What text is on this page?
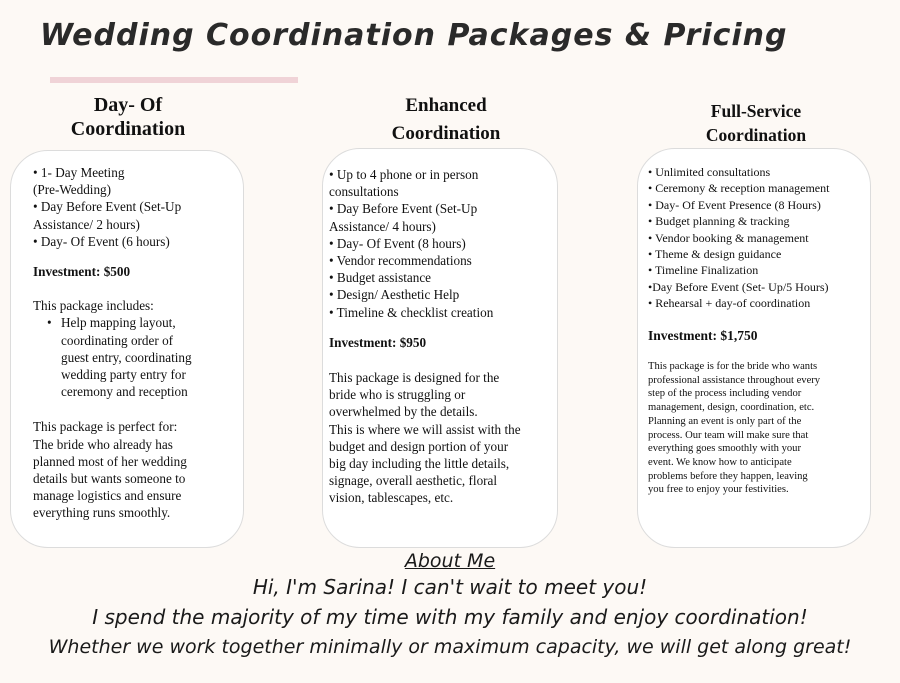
Wedding Coordination Packages & Pricing
Day- Of
Coordination
• 1- Day Meeting
(Pre-Wedding)
• Day Before Event (Set-Up
Assistance/ 2 hours)
• Day- Of Event (6 hours)
Investment: $500
This package includes:
• Help mapping layout,
coordinating order of
guest entry, coordinating
wedding party entry for
ceremony and reception
This package is perfect for:
The bride who already has
planned most of her wedding
details but wants someone to
manage logistics and ensure
everything runs smoothly.
Enhanced
Coordination
• Up to 4 phone or in person
consultations
• Day Before Event (Set-Up
Assistance/ 4 hours)
• Day- Of Event (8 hours)
• Vendor recommendations
• Budget assistance
• Design/ Aesthetic Help
• Timeline & checklist creation
Investment: $950
This package is designed for the
bride who is struggling or
overwhelmed by the details.
This is where we will assist with the
budget and design portion of your
big day including the little details,
signage, overall aesthetic, floral
vision, tablescapes, etc.
Full-Service
Coordination
• Unlimited consultations
• Ceremony & reception management
• Day- Of Event Presence (8 Hours)
• Budget planning & tracking
• Vendor booking & management
• Theme & design guidance
• Timeline Finalization
•Day Before Event (Set- Up/5 Hours)
• Rehearsal + day-of coordination
Investment: $1,750
This package is for the bride who wants
professional assistance throughout every
step of the process including vendor
management, design, coordination, etc.
Planning an event is only part of the
process. Our team will make sure that
everything goes smoothly with your
event. We know how to anticipate
problems before they happen, leaving
you free to enjoy your festivities.
About Me
Hi, I'm Sarina! I can't wait to meet you!
I spend the majority of my time with my family and enjoy coordination!
Whether we work together minimally or maximum capacity, we will get along great!
